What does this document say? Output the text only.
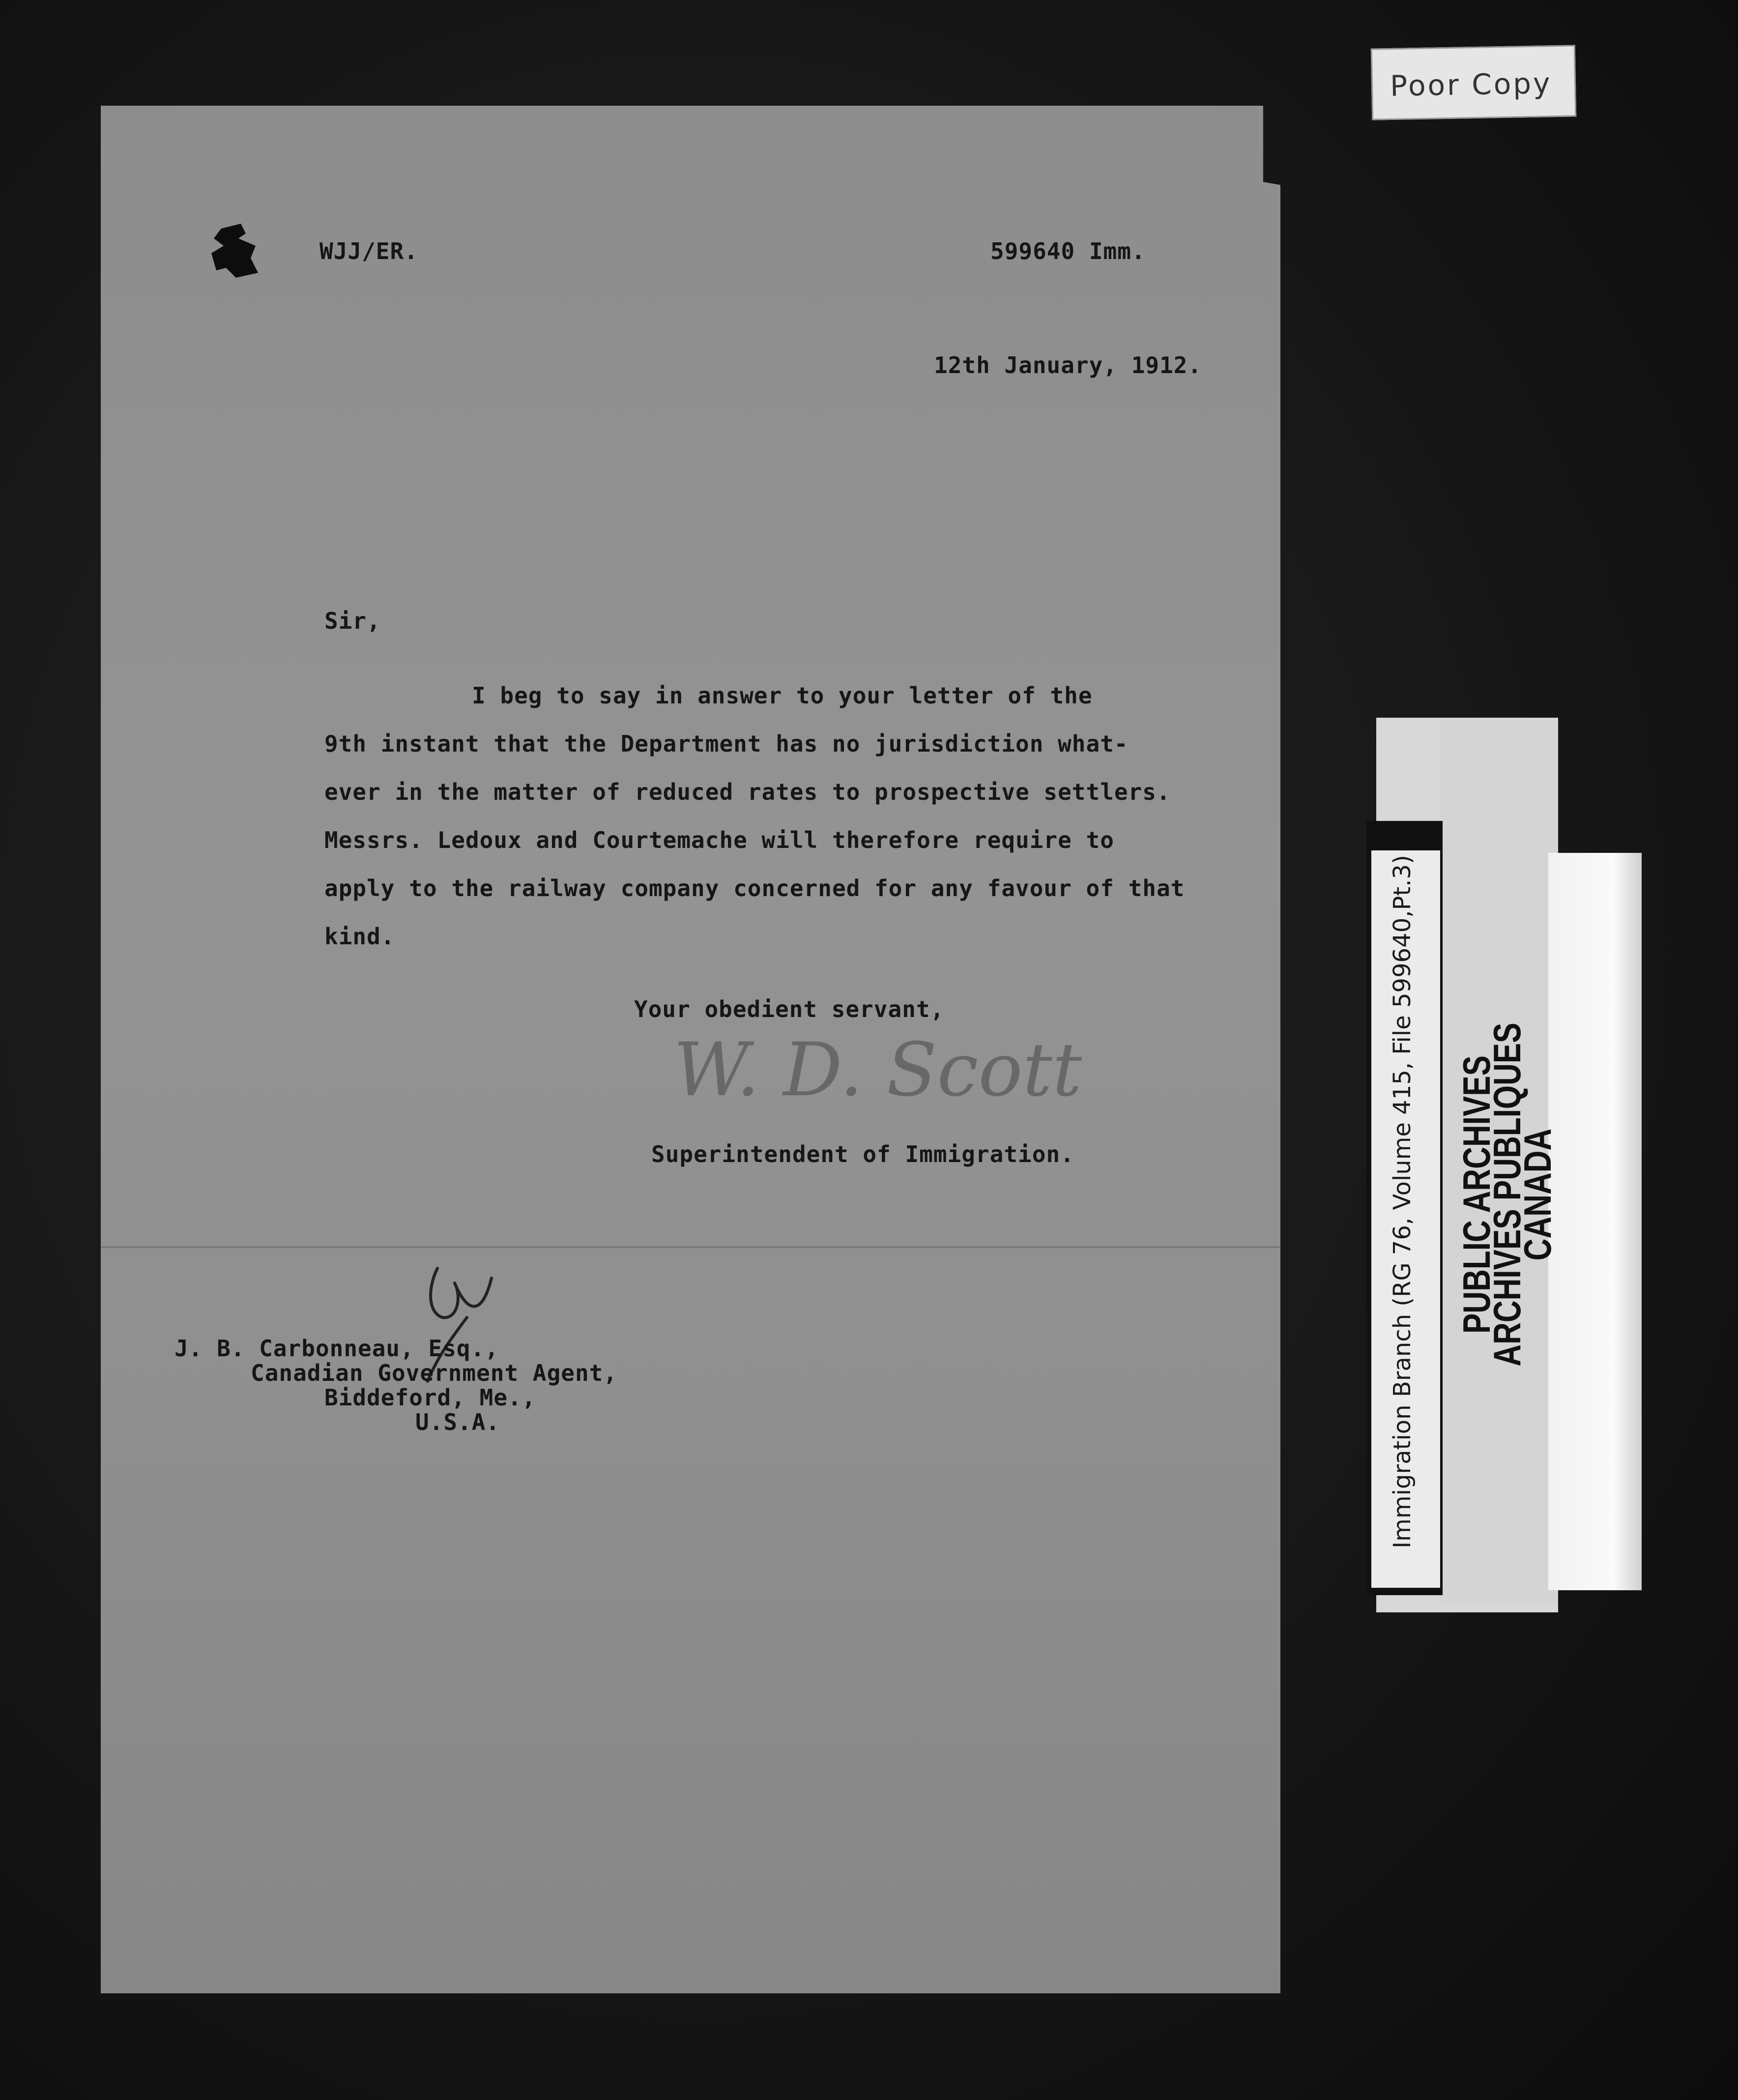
Poor Copy
WJJ/ER.	599640 Imm.
12th January, 1912.
Sir,
I beg to say in answer to your letter of the
9th instant that the Department has no jurisdiction what-
ever in the matter of reduced rates to prospective settlers.
Messrs. Ledoux and Courtemache will therefore require to
apply to the railway company concerned for any favour of that
kind.
Your obedient servant,
W. D. Scott
Superintendent of Immigration.
J. B. Carbonneau, Esq.,
Canadian Government Agent,
Biddeford, Me.,
U.S.A.	Immigration Branch (RG 76, Volume 415, File 599640,Pt.3) PUBLIC ARCHIVES
ARCHIVES PUBLIQUES
CANADA
